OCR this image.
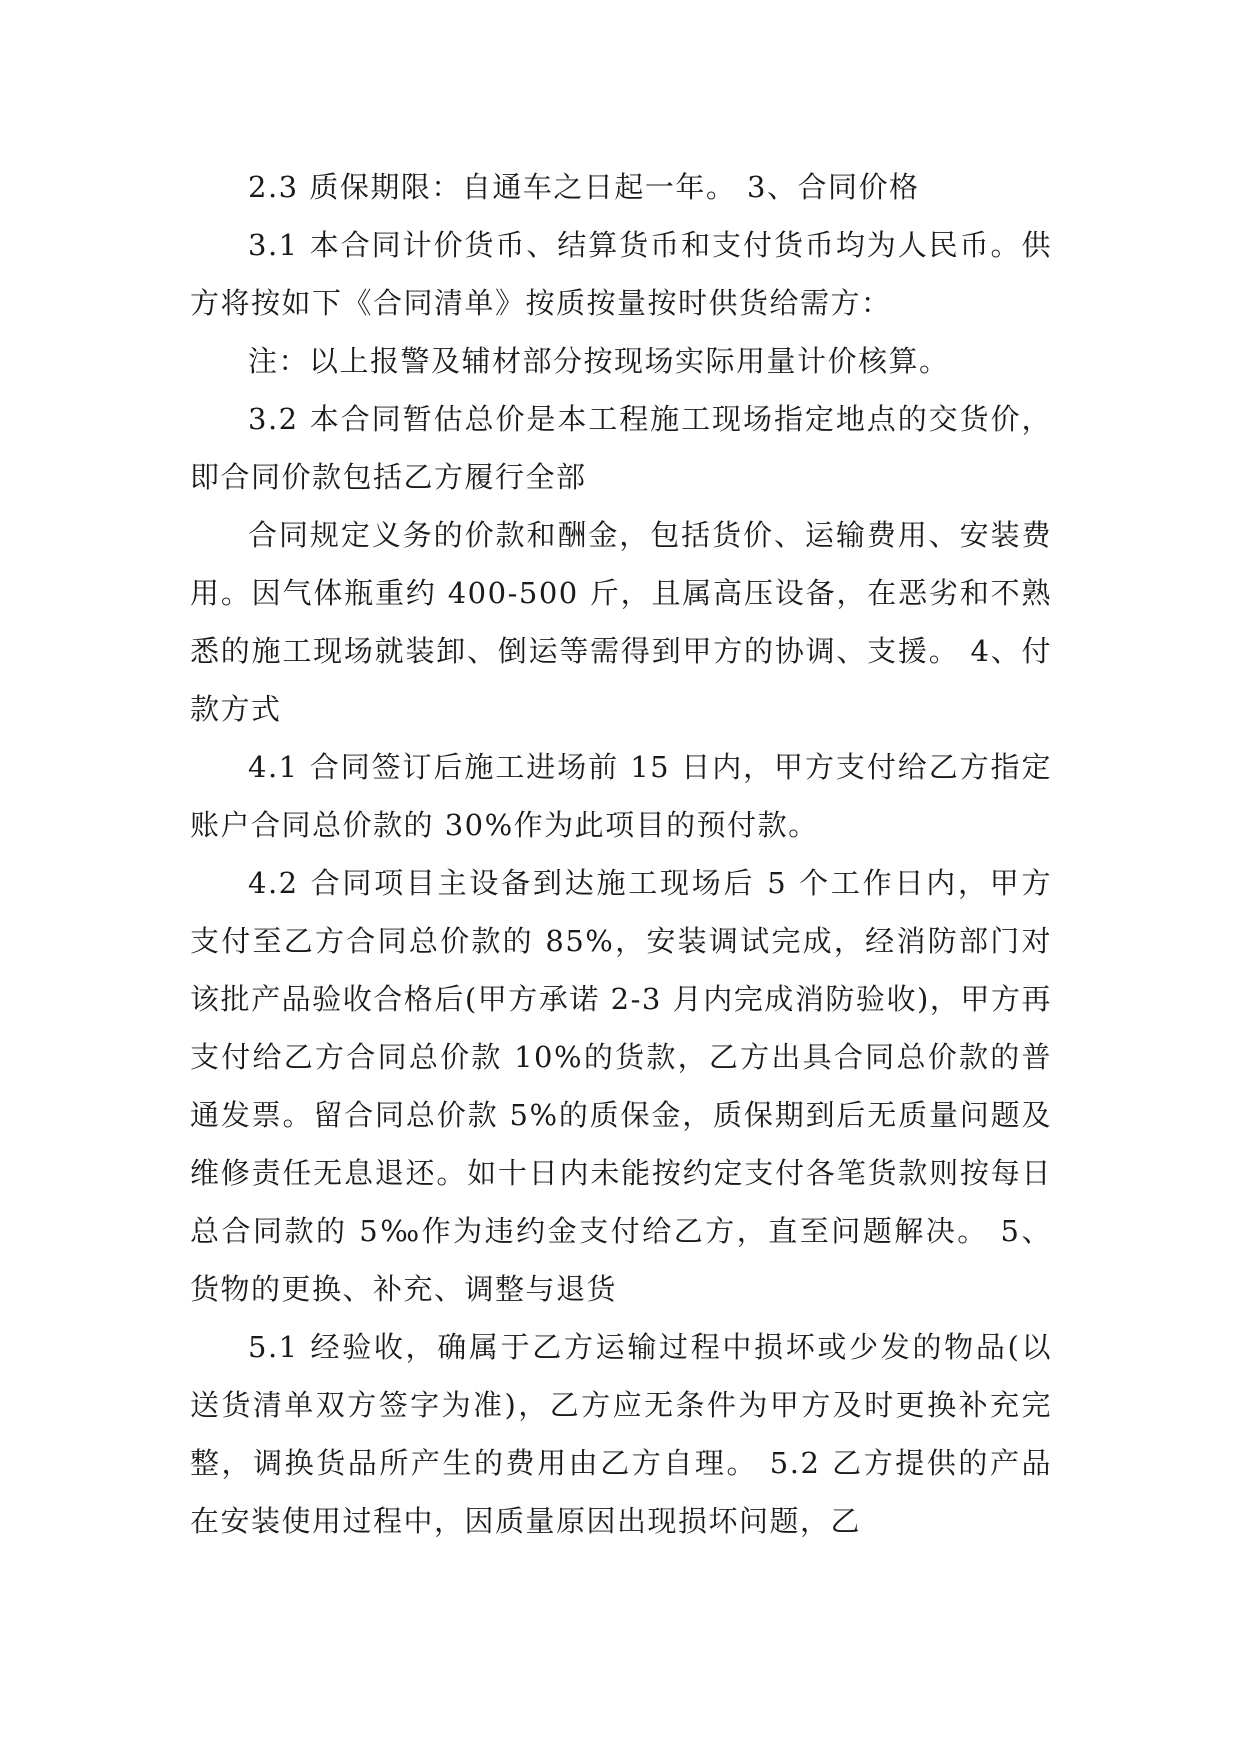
2.3 质保期限：自通车之日起一年。 3、合同价格

3.1 本合同计价货币、结算货币和支付货币均为人民币。供方将按如下《合同清单》按质按量按时供货给需方：

注：以上报警及辅材部分按现场实际用量计价核算。

3.2 本合同暂估总价是本工程施工现场指定地点的交货价，即合同价款包括乙方履行全部

合同规定义务的价款和酬金，包括货价、运输费用、安装费用。因气体瓶重约 400-500 斤，且属高压设备，在恶劣和不熟悉的施工现场就装卸、倒运等需得到甲方的协调、支援。 4、付款方式

4.1 合同签订后施工进场前 15 日内，甲方支付给乙方指定账户合同总价款的 30%作为此项目的预付款。

4.2 合同项目主设备到达施工现场后 5 个工作日内，甲方支付至乙方合同总价款的 85%，安装调试完成，经消防部门对该批产品验收合格后(甲方承诺 2-3 月内完成消防验收)，甲方再支付给乙方合同总价款 10%的货款，乙方出具合同总价款的普通发票。留合同总价款 5%的质保金，质保期到后无质量问题及维修责任无息退还。如十日内未能按约定支付各笔货款则按每日总合同款的 5‰作为违约金支付给乙方，直至问题解决。 5、货物的更换、补充、调整与退货

5.1 经验收，确属于乙方运输过程中损坏或少发的物品(以送货清单双方签字为准)，乙方应无条件为甲方及时更换补充完整，调换货品所产生的费用由乙方自理。 5.2 乙方提供的产品在安装使用过程中，因质量原因出现损坏问题，乙
